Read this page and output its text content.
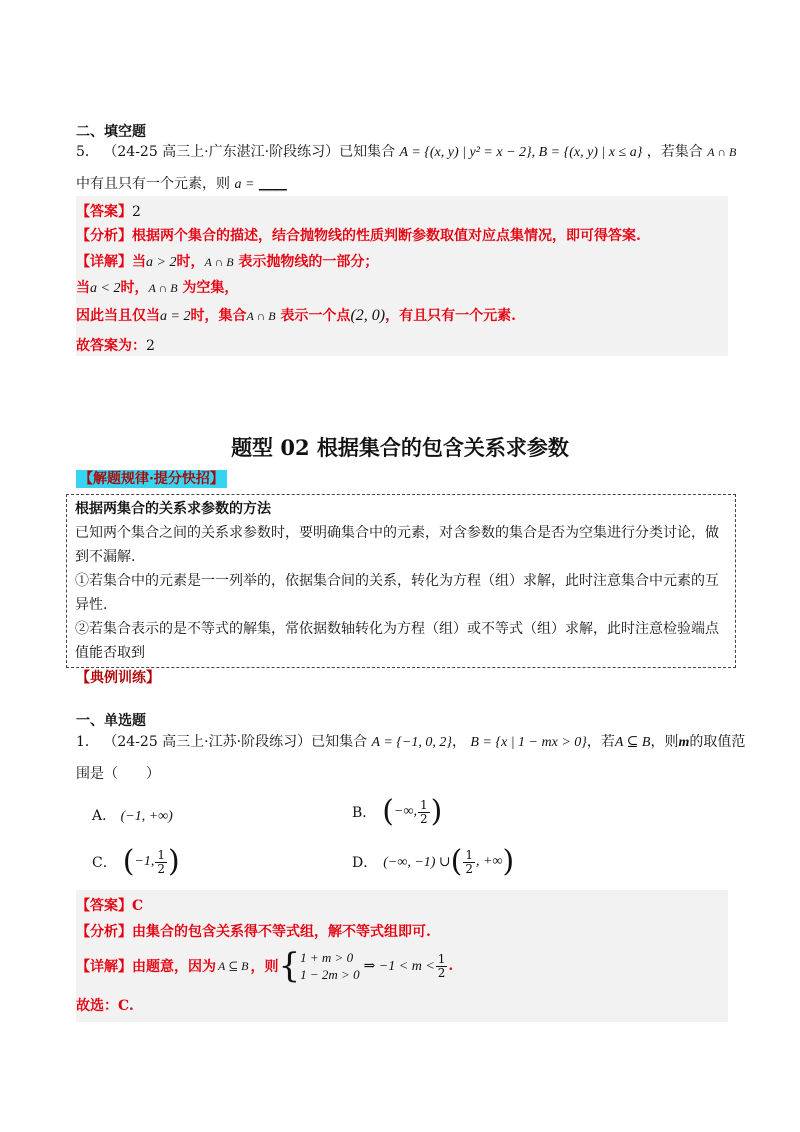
二、填空题
5． （24-25 高三上·广东湛江·阶段练习）已知集合 A = {(x, y) | y² = x − 2}, B = {(x, y) | x ≤ a} ，若集合 A ∩ B
中有且只有一个元素，则 a = ____
【答案】2
【分析】根据两个集合的描述，结合抛物线的性质判断参数取值对应点集情况，即可得答案.
【详解】当a > 2时，A ∩ B 表示抛物线的一部分；
当a < 2时，A ∩ B 为空集，
因此当且仅当a = 2时，集合A ∩ B 表示一个点(2, 0)，有且只有一个元素.
故答案为：2
题型 02 根据集合的包含关系求参数
【解题规律·提分快招】
根据两集合的关系求参数的方法
已知两个集合之间的关系求参数时，要明确集合中的元素，对含参数的集合是否为空集进行分类讨论，做
到不漏解.
①若集合中的元素是一一列举的，依据集合间的关系，转化为方程（组）求解，此时注意集合中元素的互
异性.
②若集合表示的是不等式的解集，常依据数轴转化为方程（组）或不等式（组）求解，此时注意检验端点
值能否取到
【典例训练】
一、单选题
1． （24-25 高三上·江苏·阶段练习）已知集合 A = {−1, 0, 2}， B = {x | 1 − mx > 0}，若A ⊆ B，则m的取值范
围是（　　）
A． (−1, +∞)	B． ( −∞, $\frac{1}{2}$ )
C． ( −1, $\frac{1}{2}$ )	D． (−∞, −1) ∪ ( $\frac{1}{2}$ , +∞ )
【答案】C
【分析】由集合的包含关系得不等式组，解不等式组即可.
【详解】 由题意，因为 A ⊆ B ，则 { 1 + m > 0
1 − 2m > 0
⇒ $-1 < m < \frac{1}{2}$ .
故选：C.
